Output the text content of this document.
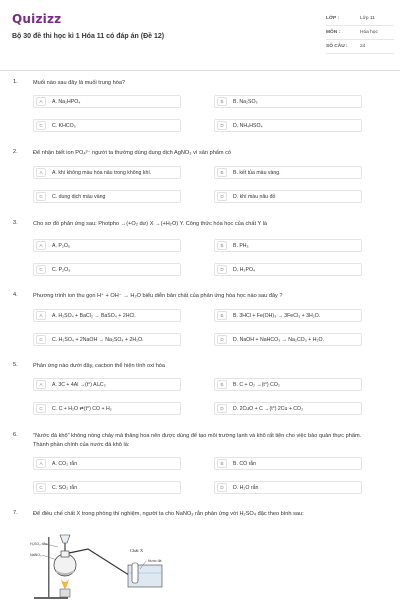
Quizizz
Bộ 30 đề thi học kì 1 Hóa 11 có đáp án (Đề 12)
LỚP :	Lớp 11
MÔN :	Hóa học
SỐ CÂU :	24
1.	Muối nào sau đây là muối trung hòa?
A	A. Na₂HPO₄	B	B. Na₂SO₃
C	C. KHCO₃	D	D. NH₄HSO₄
2.	Để nhận biết ion PO₄³⁻ người ta thường dùng dung dịch AgNO₃ vì sản phẩm có
A	A. khí không màu hóa nâu trong không khí.	B	B. kết tủa màu vàng.
C	C. dung dịch màu vàng	D	D. khí màu nâu đỏ
3.	Cho sơ đồ phản ứng sau: Photpho →(+O₂ dư) X →(+H₂O) Y. Công thức hóa học của chất Y là
A	A. P₂O₅	B	B. PH₃
C	C. P₂O₃	D	D. H₃PO₄
4.	Phương trình ion thu gọn H⁺ + OH⁻ → H₂O biểu diễn bản chất của phản ứng hóa học nào sau đây ?
A	A. H₂SO₄ + BaCl₂ → BaSO₄ + 2HCl.	B	B. 3HCl + Fe(OH)₃ → 3FeCl₃ + 3H₂O.
C	C. H₂SO₄ + 2NaOH → Na₂SO₄ + 2H₂O.	D	D. NaOH + NaHCO₃ → Na₂CO₃ + H₂O.
5.	Phản ứng nào dưới đây, cacbon thể hiện tính oxi hóa
A	A. 3C + 4Al →(t°) Al₄C₃	B	B. C + O₂ →(t°) CO₂
C	C. C + H₂O ⇄(t°) CO + H₂	D	D. 2CuO + C →(t°) 2Cu + CO₂
6.	"Nước đá khô" không nóng chảy mà thăng hoa nên được dùng để tạo môi trường lạnh và khô rất tiện cho việc bảo quản thực phẩm. Thành phần chính của nước đá khô là:
A	A. CO₂ rắn	B	B. CO rắn
C	C. SO₂ rắn	D	D. H₂O rắn
7.	Để điều chế chất X trong phòng thí nghiệm, người ta cho NaNO₃ rắn phản ứng với H₂SO₄ đặc theo bình sau:
H₂SO₄ đặc
NaNO₃
Chất X
Nước đá
